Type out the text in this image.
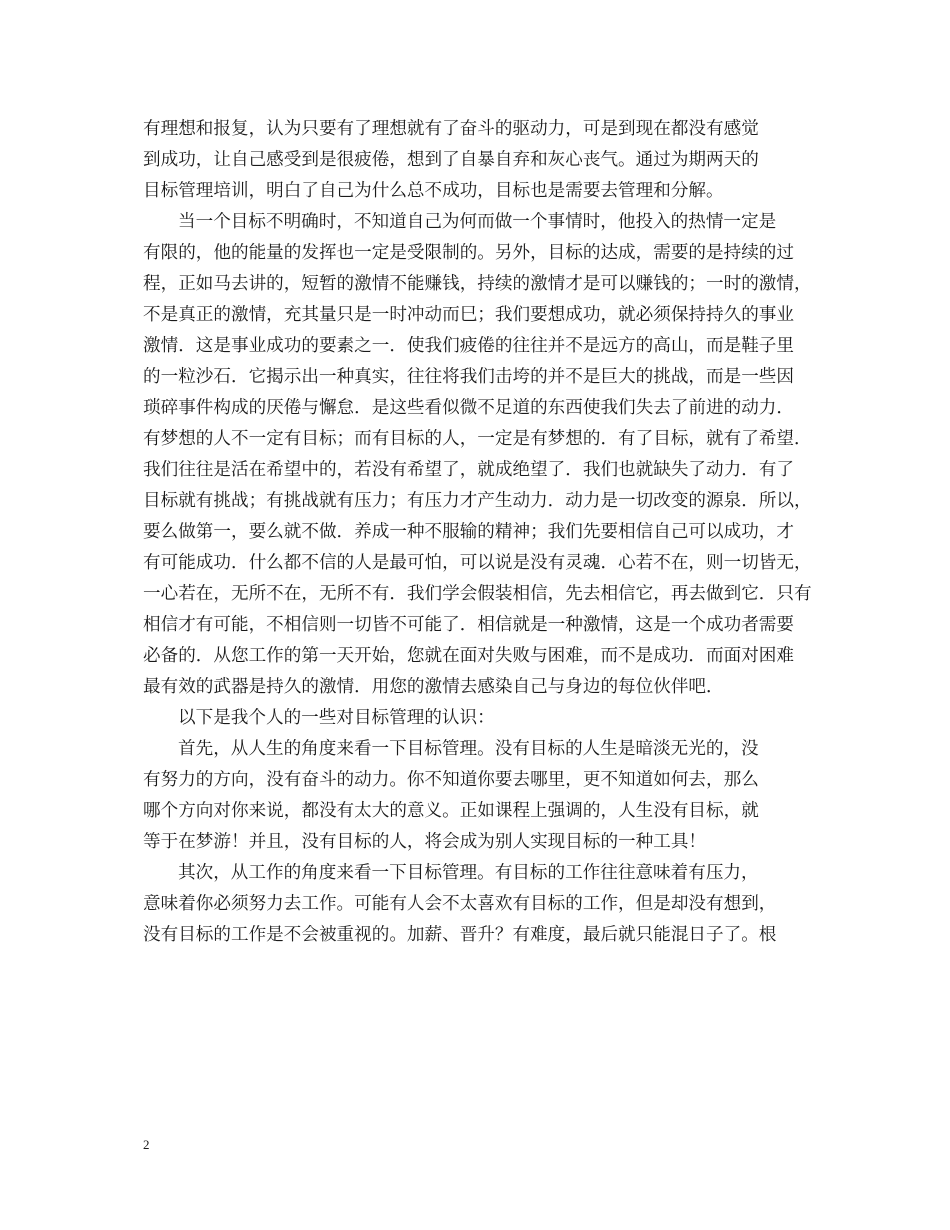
有理想和报复，认为只要有了理想就有了奋斗的驱动力，可是到现在都没有感觉
到成功，让自己感受到是很疲倦，想到了自暴自弃和灰心丧气。通过为期两天的
目标管理培训，明白了自己为什么总不成功，目标也是需要去管理和分解。
当一个目标不明确时，不知道自己为何而做一个事情时，他投入的热情一定是
有限的，他的能量的发挥也一定是受限制的。另外，目标的达成，需要的是持续的过
程，正如马去讲的，短暂的激情不能赚钱，持续的激情才是可以赚钱的；一时的激情，
不是真正的激情，充其量只是一时冲动而巳；我们要想成功，就必须保持持久的事业
激情．这是事业成功的要素之一．使我们疲倦的往往并不是远方的高山，而是鞋子里
的一粒沙石．它揭示出一种真实，往往将我们击垮的并不是巨大的挑战，而是一些因
琐碎事件构成的厌倦与懈怠．是这些看似微不足道的东西使我们失去了前进的动力．
有梦想的人不一定有目标；而有目标的人，一定是有梦想的．有了目标，就有了希望．
我们往往是活在希望中的，若没有希望了，就成绝望了．我们也就缺失了动力．有了
目标就有挑战；有挑战就有压力；有压力才产生动力．动力是一切改变的源泉．所以，
要么做第一，要么就不做．养成一种不服输的精神；我们先要相信自己可以成功，才
有可能成功．什么都不信的人是最可怕，可以说是没有灵魂．心若不在，则一切皆无，
一心若在，无所不在，无所不有．我们学会假装相信，先去相信它，再去做到它．只有
相信才有可能，不相信则一切皆不可能了．相信就是一种激情，这是一个成功者需要
必备的．从您工作的第一天开始，您就在面对失败与困难，而不是成功．而面对困难
最有效的武器是持久的激情．用您的激情去感染自己与身边的每位伙伴吧．
以下是我个人的一些对目标管理的认识：
首先，从人生的角度来看一下目标管理。没有目标的人生是暗淡无光的，没
有努力的方向，没有奋斗的动力。你不知道你要去哪里，更不知道如何去，那么
哪个方向对你来说，都没有太大的意义。正如课程上强调的，人生没有目标，就
等于在梦游！并且，没有目标的人，将会成为别人实现目标的一种工具！
其次，从工作的角度来看一下目标管理。有目标的工作往往意味着有压力，
意味着你必须努力去工作。可能有人会不太喜欢有目标的工作，但是却没有想到，
没有目标的工作是不会被重视的。加薪、晋升？有难度，最后就只能混日子了。根
2
